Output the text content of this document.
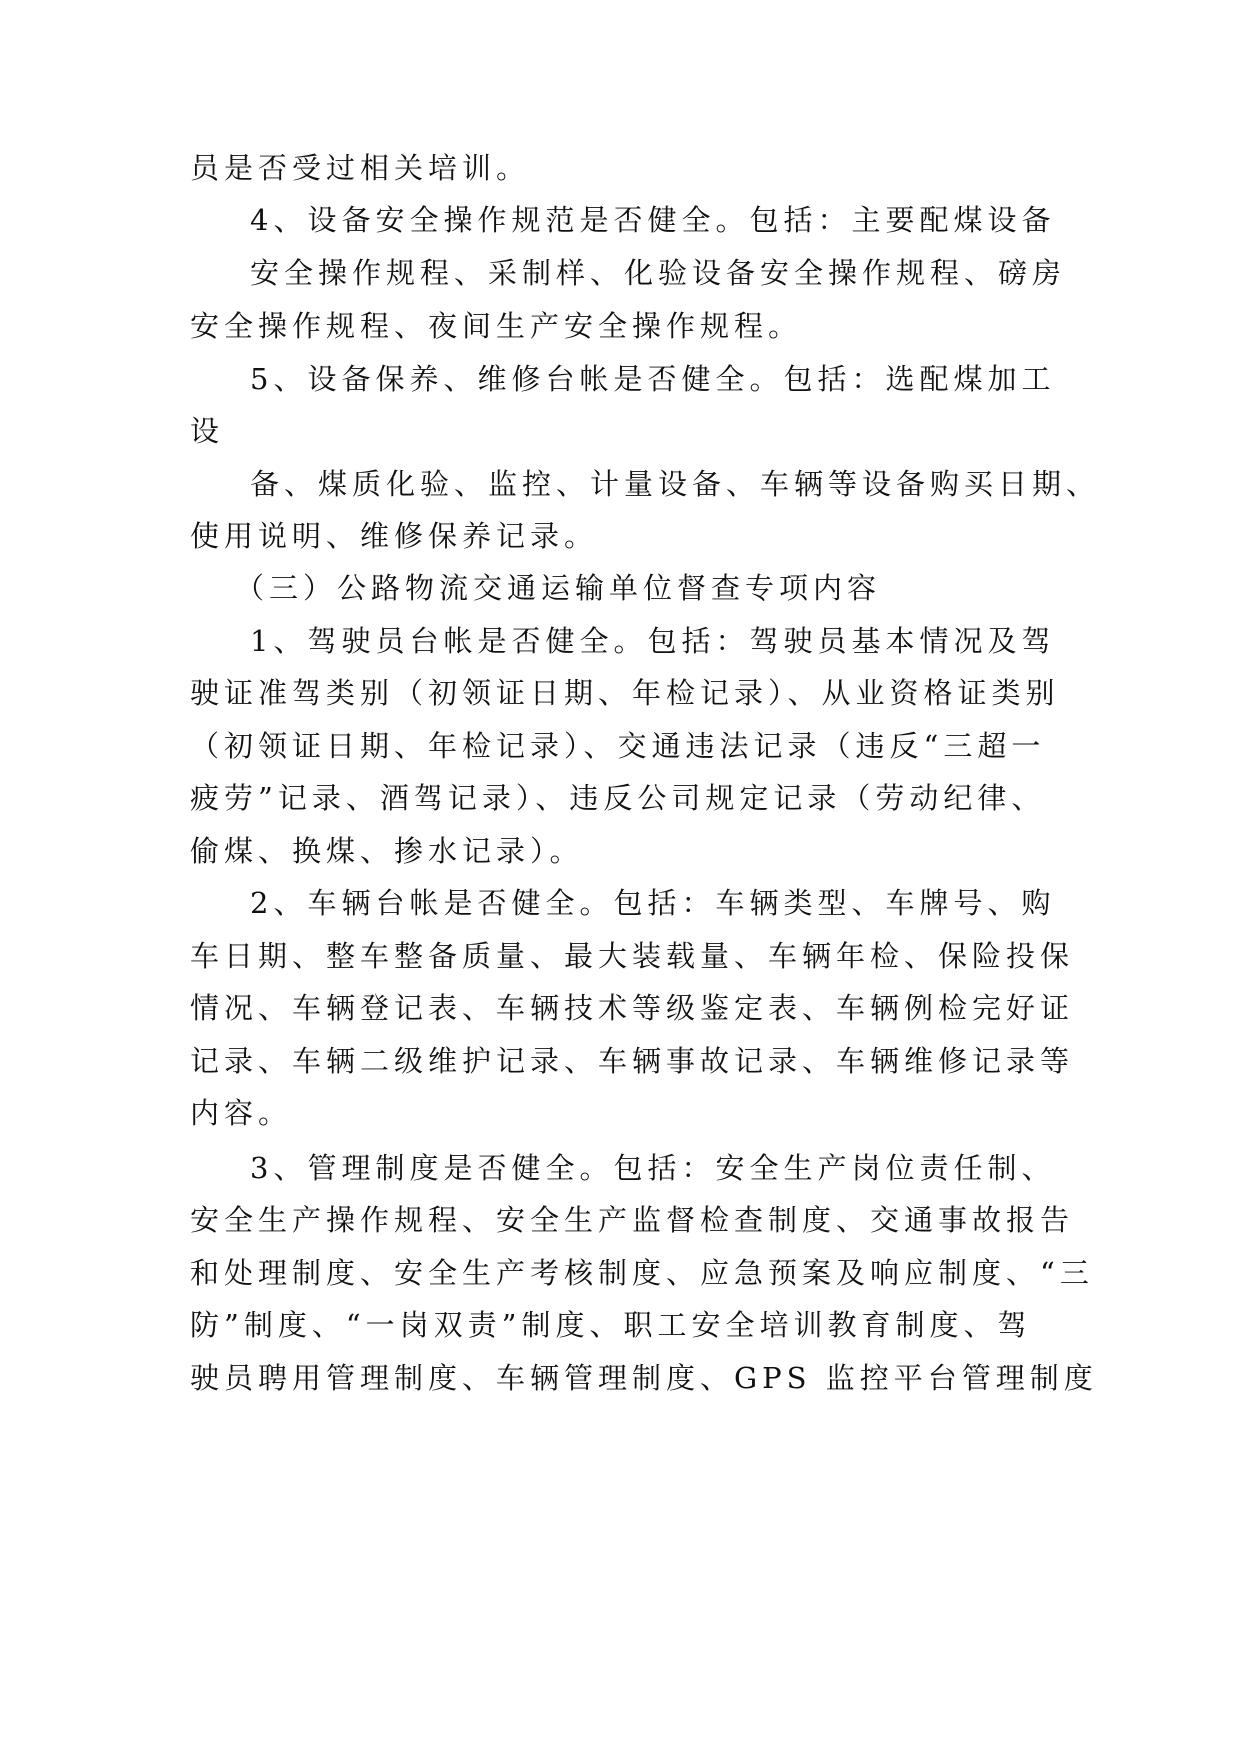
员是否受过相关培训。
4、设备安全操作规范是否健全。包括：主要配煤设备
安全操作规程、采制样、化验设备安全操作规程、磅房
安全操作规程、夜间生产安全操作规程。
5、设备保养、维修台帐是否健全。包括：选配煤加工
设
备、煤质化验、监控、计量设备、车辆等设备购买日期、
使用说明、维修保养记录。
（三）公路物流交通运输单位督查专项内容
1、驾驶员台帐是否健全。包括：驾驶员基本情况及驾
驶证准驾类别（初领证日期、年检记录）、从业资格证类别
（初领证日期、年检记录）、交通违法记录（违反“三超一
疲劳”记录、酒驾记录）、违反公司规定记录（劳动纪律、
偷煤、换煤、掺水记录）。
2、车辆台帐是否健全。包括：车辆类型、车牌号、购
车日期、整车整备质量、最大装载量、车辆年检、保险投保
情况、车辆登记表、车辆技术等级鉴定表、车辆例检完好证
记录、车辆二级维护记录、车辆事故记录、车辆维修记录等
内容。
3、管理制度是否健全。包括：安全生产岗位责任制、
安全生产操作规程、安全生产监督检查制度、交通事故报告
和处理制度、安全生产考核制度、应急预案及响应制度、“三
防”制度、“一岗双责”制度、职工安全培训教育制度、驾
驶员聘用管理制度、车辆管理制度、GPS 监控平台管理制度
